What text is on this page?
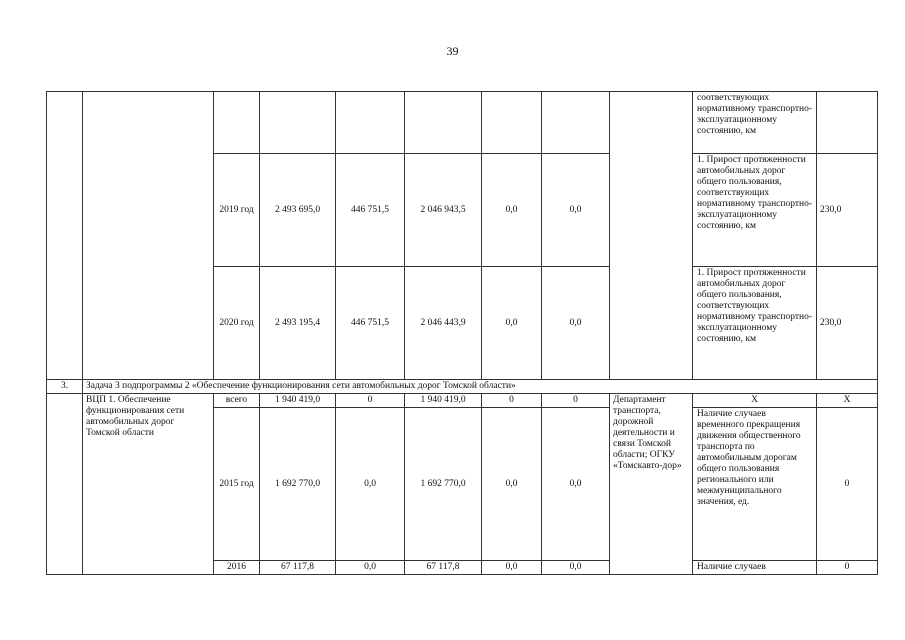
39
									соответствующих нормативному транспортно-эксплуатационному состоянию, км	
		2019 год	2 493 695,0	446 751,5	2 046 943,5	0,0	0,0		1. Прирост протяженности автомобильных дорог общего пользования, соответствующих нормативному транспортно-эксплуатационному состоянию, км	230,0
		2020 год	2 493 195,4	446 751,5	2 046 443,9	0,0	0,0		1. Прирост протяженности автомобильных дорог общего пользования, соответствующих нормативному транспортно-эксплуатационному состоянию, км	230,0
3.	Задача 3 подпрограммы 2 «Обеспечение функционирования сети автомобильных дорог Томской области»									
	ВЦП 1. Обеспечение функционирования сети автомобильных дорог Томской области	всего	1 940 419,0	0	1 940 419,0	0	0	Департамент транспорта, дорожной деятельности и связи Томской области; ОГКУ «Томскавто-дор»	Х	Х
		2015 год	1 692 770,0	0,0	1 692 770,0	0,0	0,0		Наличие случаев временного прекращения движения общественного транспорта по автомобильным дорогам общего пользования регионального или межмуниципального значения, ед.	0
		2016	67 117,8	0,0	67 117,8	0,0	0,0		Наличие случаев	0
